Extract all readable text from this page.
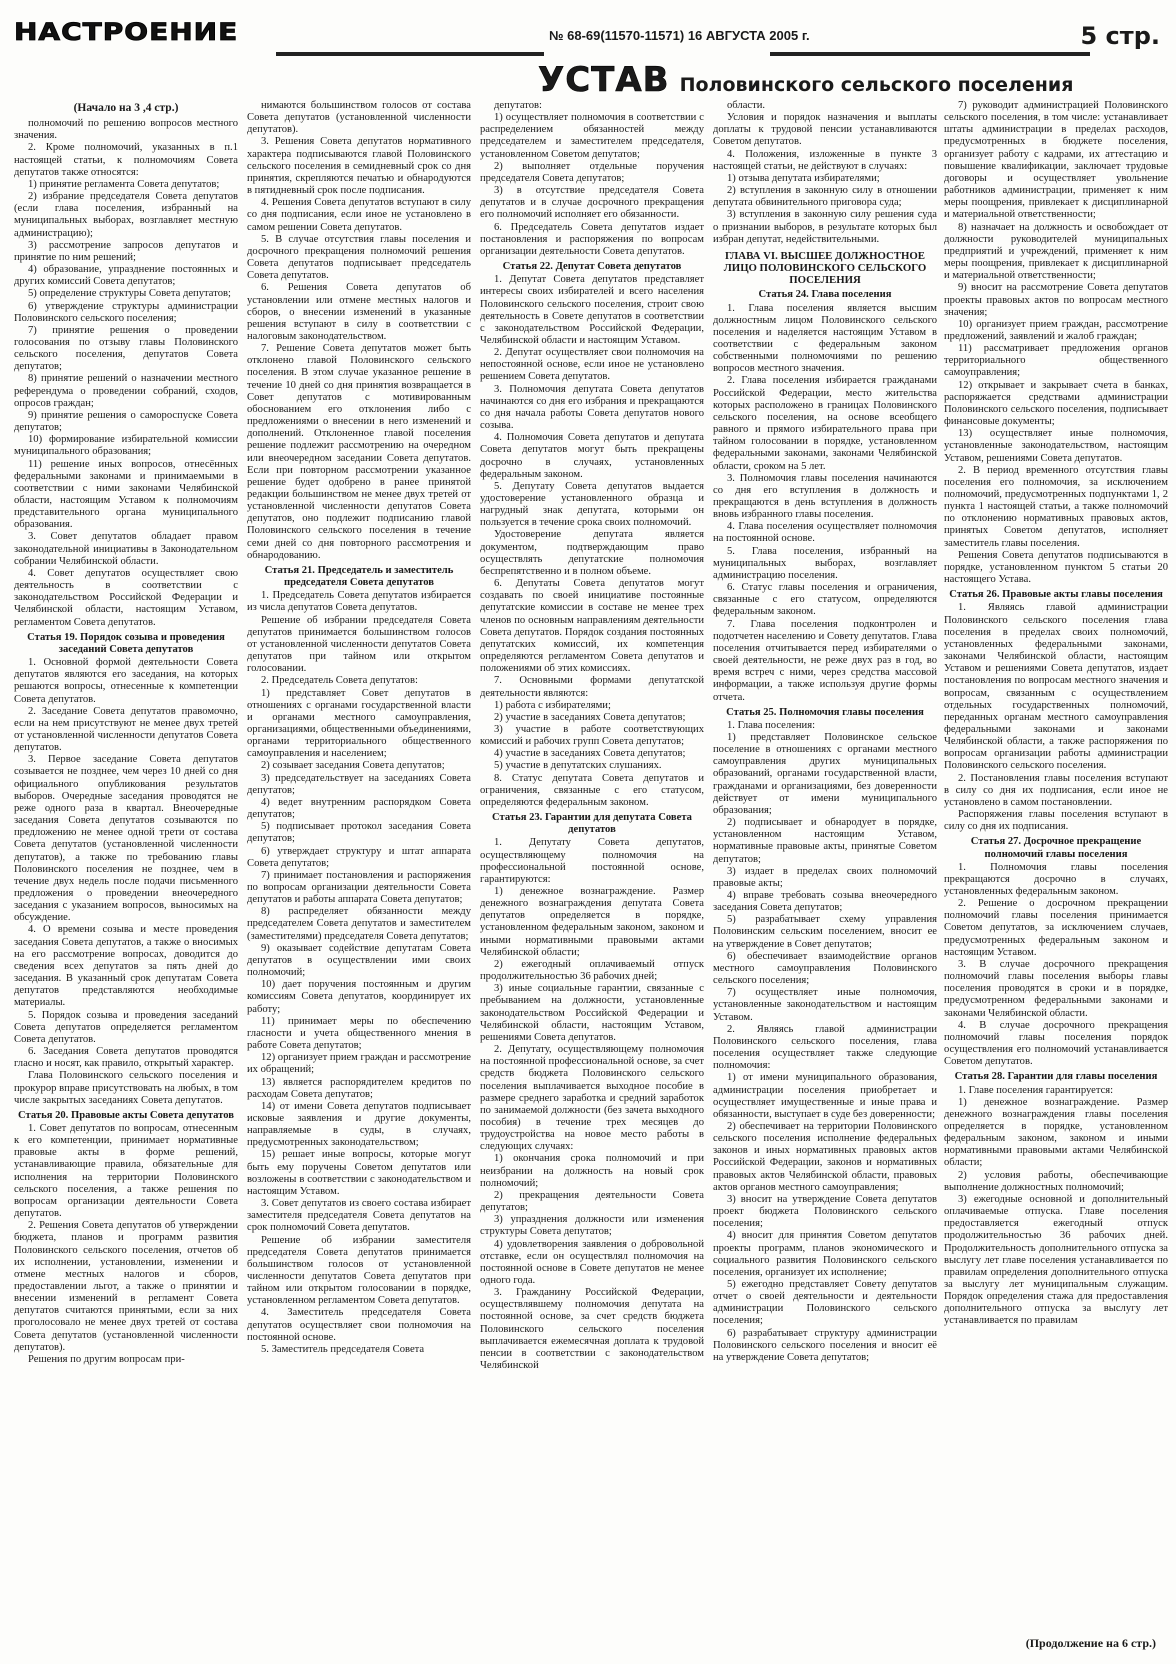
НАСТРОЕНИЕ	№ 68-69(11570-11571) 16 АВГУСТА 2005 г.	5 стр.
УСТАВ Половинского сельского поселения

(Начало на 3 ,4 стр.)

полномочий по решению вопросов местного значения.

2. Кроме полномочий, указанных в п.1 настоящей статьи, к полномочиям Совета депутатов также относятся:

1) принятие регламента Совета депутатов;

2) избрание председателя Совета депутатов (если глава поселения, избранный на муниципальных выборах, возглавляет местную администрацию);

3) рассмотрение запросов депутатов и принятие по ним решений;

4) образование, упразднение постоянных и других комиссий Совета депутатов;

5) определение структуры Совета депутатов;

6) утверждение структуры администрации Половинского сельского поселения;

7) принятие решения о проведении голосования по отзыву главы Половинского сельского поселения, депутатов Совета депутатов;

8) принятие решений о назначении местного референдума о проведении собраний, сходов, опросов граждан;

9) принятие решения о самороспуске Совета депутатов;

10) формирование избирательной комиссии муниципального образования;

11) решение иных вопросов, отнесённых федеральными законами и принимаемыми в соответствии с ними законами Челябинской области, настоящим Уставом к полномочиям представительного органа муниципального образования.

3. Совет депутатов обладает правом законодательной инициативы в Законодательном собрании Челябинской области.

4. Совет депутатов осуществляет свою деятельность в соответствии с законодательством Российской Федерации и Челябинской области, настоящим Уставом, регламентом Совета депутатов.

Статья 19. Порядок созыва и проведения заседаний Совета депутатов

1. Основной формой деятельности Совета депутатов являются его заседания, на которых решаются вопросы, отнесенные к компетенции Совета депутатов.

2. Заседание Совета депутатов правомочно, если на нем присутствуют не менее двух третей от установленной численности депутатов Совета депутатов.

3. Первое заседание Совета депутатов созывается не позднее, чем через 10 дней со дня официального опубликования результатов выборов. Очередные заседания проводятся не реже одного раза в квартал. Внеочередные заседания Совета депутатов созываются по предложению не менее одной трети от состава Совета депутатов (установленной численности депутатов), а также по требованию главы Половинского поселения не позднее, чем в течение двух недель после подачи письменного предложения о проведении внеочередного заседания с указанием вопросов, выносимых на обсуждение.

4. О времени созыва и месте проведения заседания Совета депутатов, а также о вносимых на его рассмотрение вопросах, доводится до сведения всех депутатов за пять дней до заседания. В указанный срок депутатам Совета депутатов представляются необходимые материалы.

5. Порядок созыва и проведения заседаний Совета депутатов определяется регламентом Совета депутатов.

6. Заседания Совета депутатов проводятся гласно и носят, как правило, открытый характер.

Глава Половинского сельского поселения и прокурор вправе присутствовать на любых, в том числе закрытых заседаниях Совета депутатов.

Статья 20. Правовые акты Совета депутатов

1. Совет депутатов по вопросам, отнесенным к его компетенции, принимает нормативные правовые акты в форме решений, устанавливающие правила, обязательные для исполнения на территории Половинского сельского поселения, а также решения по вопросам организации деятельности Совета депутатов.

2. Решения Совета депутатов об утверждении бюджета, планов и программ развития Половинского сельского поселения, отчетов об их исполнении, установлении, изменении и отмене местных налогов и сборов, предоставлении льгот, а также о принятии и внесении изменений в регламент Совета депутатов считаются принятыми, если за них проголосовало не менее двух третей от состава Совета депутатов (установленной численности депутатов).

Решения по другим вопросам при-

нимаются большинством голосов от состава Совета депутатов (установленной численности депутатов).

3. Решения Совета депутатов нормативного характера подписываются главой Половинского сельского поселения в семидневный срок со дня принятия, скрепляются печатью и обнародуются в пятидневный срок после подписания.

4. Решения Совета депутатов вступают в силу со дня подписания, если иное не установлено в самом решении Совета депутатов.

5. В случае отсутствия главы поселения и досрочного прекращения полномочий решения Совета депутатов подписывает председатель Совета депутатов.

6. Решения Совета депутатов об установлении или отмене местных налогов и сборов, о внесении изменений в указанные решения вступают в силу в соответствии с налоговым законодательством.

7. Решение Совета депутатов может быть отклонено главой Половинского сельского поселения. В этом случае указанное решение в течение 10 дней со дня принятия возвращается в Совет депутатов с мотивированным обоснованием его отклонения либо с предложениями о внесении в него изменений и дополнений. Отклоненное главой поселения решение подлежит рассмотрению на очередном или внеочередном заседании Совета депутатов. Если при повторном рассмотрении указанное решение будет одобрено в ранее принятой редакции большинством не менее двух третей от установленной численности депутатов Совета депутатов, оно подлежит подписанию главой Половинского сельского поселения в течение семи дней со дня повторного рассмотрения и обнародованию.

Статья 21. Председатель и заместитель председателя Совета депутатов

1. Председатель Совета депутатов избирается из числа депутатов Совета депутатов.

Решение об избрании председателя Совета депутатов принимается большинством голосов от установленной численности депутатов Совета депутатов при тайном или открытом голосовании.

2. Председатель Совета депутатов:

1) представляет Совет депутатов в отношениях с органами государственной власти и органами местного самоуправления, организациями, общественными объединениями, органами территориального общественного самоуправления и населением;

2) созывает заседания Совета депутатов;

3) председательствует на заседаниях Совета депутатов;

4) ведет внутренним распорядком Совета депутатов;

5) подписывает протокол заседания Совета депутатов;

6) утверждает структуру и штат аппарата Совета депутатов;

7) принимает постановления и распоряжения по вопросам организации деятельности Совета депутатов и работы аппарата Совета депутатов;

8) распределяет обязанности между председателем Совета депутатов и заместителем (заместителями) председателя Совета депутатов;

9) оказывает содействие депутатам Совета депутатов в осуществлении ими своих полномочий;

10) дает поручения постоянным и другим комиссиям Совета депутатов, координирует их работу;

11) принимает меры по обеспечению гласности и учета общественного мнения в работе Совета депутатов;

12) организует прием граждан и рассмотрение их обращений;

13) является распорядителем кредитов по расходам Совета депутатов;

14) от имени Совета депутатов подписывает исковые заявления и другие документы, направляемые в суды, в случаях, предусмотренных законодательством;

15) решает иные вопросы, которые могут быть ему поручены Советом депутатов или возложены в соответствии с законодательством и настоящим Уставом.

3. Совет депутатов из своего состава избирает заместителя председателя Совета депутатов на срок полномочий Совета депутатов.

Решение об избрании заместителя председателя Совета депутатов принимается большинством голосов от установленной численности депутатов Совета депутатов при тайном или открытом голосовании в порядке, установленном регламентом Совета депутатов.

4. Заместитель председателя Совета депутатов осуществляет свои полномочия на постоянной основе.

5. Заместитель председателя Совета

депутатов:

1) осуществляет полномочия в соответствии с распределением обязанностей между председателем и заместителем председателя, установленном Советом депутатов;

2) выполняет отдельные поручения председателя Совета депутатов;

3) в отсутствие председателя Совета депутатов и в случае досрочного прекращения его полномочий исполняет его обязанности.

6. Председатель Совета депутатов издает постановления и распоряжения по вопросам организации деятельности Совета депутатов.

Статья 22. Депутат Совета депутатов

1. Депутат Совета депутатов представляет интересы своих избирателей и всего населения Половинского сельского поселения, строит свою деятельность в Совете депутатов в соответствии с законодательством Российской Федерации, Челябинской области и настоящим Уставом.

2. Депутат осуществляет свои полномочия на непостоянной основе, если иное не установлено решением Совета депутатов.

3. Полномочия депутата Совета депутатов начинаются со дня его избрания и прекращаются со дня начала работы Совета депутатов нового созыва.

4. Полномочия Совета депутатов и депутата Совета депутатов могут быть прекращены досрочно в случаях, установленных федеральным законом.

5. Депутату Совета депутатов выдается удостоверение установленного образца и нагрудный знак депутата, которыми он пользуется в течение срока своих полномочий.

Удостоверение депутата является документом, подтверждающим право осуществлять депутатские полномочия беспрепятственно и в полном объеме.

6. Депутаты Совета депутатов могут создавать по своей инициативе постоянные депутатские комиссии в составе не менее трех членов по основным направлениям деятельности Совета депутатов. Порядок создания постоянных депутатских комиссий, их компетенция определяются регламентом Совета депутатов и положениями об этих комиссиях.

7. Основными формами депутатской деятельности являются:

1) работа с избирателями;

2) участие в заседаниях Совета депутатов;

3) участие в работе соответствующих комиссий и рабочих групп Совета депутатов;

4) участие в заседаниях Совета депутатов;

5) участие в депутатских слушаниях.

8. Статус депутата Совета депутатов и ограничения, связанные с его статусом, определяются федеральным законом.

Статья 23. Гарантии для депутата Совета депутатов

1. Депутату Совета депутатов, осуществляющему полномочия на профессиональной постоянной основе, гарантируются:

1) денежное вознаграждение. Размер денежного вознаграждения депутата Совета депутатов определяется в порядке, установленном федеральным законом, законом и иными нормативными правовыми актами Челябинской области;

2) ежегодный оплачиваемый отпуск продолжительностью 36 рабочих дней;

3) иные социальные гарантии, связанные с пребыванием на должности, установленные законодательством Российской Федерации и Челябинской области, настоящим Уставом, решениями Совета депутатов.

2. Депутату, осуществляющему полномочия на постоянной профессиональной основе, за счет средств бюджета Половинского сельского поселения выплачивается выходное пособие в размере среднего заработка и средний заработок по занимаемой должности (без зачета выходного пособия) в течение трех месяцев до трудоустройства на новое место работы в следующих случаях:

1) окончания срока полномочий и при неизбрании на должность на новый срок полномочий;

2) прекращения деятельности Совета депутатов;

3) упразднения должности или изменения структуры Совета депутатов;

4) удовлетворения заявления о добровольной отставке, если он осуществлял полномочия на постоянной основе в Совете депутатов не менее одного года.

3. Гражданину Российской Федерации, осуществлявшему полномочия депутата на постоянной основе, за счет средств бюджета Половинского сельского поселения выплачивается ежемесячная доплата к трудовой пенсии в соответствии с законодательством Челябинской

области.

Условия и порядок назначения и выплаты доплаты к трудовой пенсии устанавливаются Советом депутатов.

4. Положения, изложенные в пункте 3 настоящей статьи, не действуют в случаях:

1) отзыва депутата избирателями;

2) вступления в законную силу в отношении депутата обвинительного приговора суда;

3) вступления в законную силу решения суда о признании выборов, в результате которых был избран депутат, недействительными.

ГЛАВА VI. ВЫСШЕЕ ДОЛЖНОСТНОЕ ЛИЦО ПОЛОВИНСКОГО СЕЛЬСКОГО ПОСЕЛЕНИЯ
Статья 24. Глава поселения

1. Глава поселения является высшим должностным лицом Половинского сельского поселения и наделяется настоящим Уставом в соответствии с федеральным законом собственными полномочиями по решению вопросов местного значения.

2. Глава поселения избирается гражданами Российской Федерации, место жительства которых расположено в границах Половинского сельского поселения, на основе всеобщего равного и прямого избирательного права при тайном голосовании в порядке, установленном федеральными законами, законами Челябинской области, сроком на 5 лет.

3. Полномочия главы поселения начинаются со дня его вступления в должность и прекращаются в день вступления в должность вновь избранного главы поселения.

4. Глава поселения осуществляет полномочия на постоянной основе.

5. Глава поселения, избранный на муниципальных выборах, возглавляет администрацию поселения.

6. Статус главы поселения и ограничения, связанные с его статусом, определяются федеральным законом.

7. Глава поселения подконтролен и подотчетен населению и Совету депутатов. Глава поселения отчитывается перед избирателями о своей деятельности, не реже двух раз в год, во время встреч с ними, через средства массовой информации, а также используя другие формы отчета.

Статья 25. Полномочия главы поселения

1. Глава поселения:

1) представляет Половинское сельское поселение в отношениях с органами местного самоуправления других муниципальных образований, органами государственной власти, гражданами и организациями, без доверенности действует от имени муниципального образования;

2) подписывает и обнародует в порядке, установленном настоящим Уставом, нормативные правовые акты, принятые Советом депутатов;

3) издает в пределах своих полномочий правовые акты;

4) вправе требовать созыва внеочередного заседания Совета депутатов;

5) разрабатывает схему управления Половинским сельским поселением, вносит ее на утверждение в Совет депутатов;

6) обеспечивает взаимодействие органов местного самоуправления Половинского сельского поселения;

7) осуществляет иные полномочия, установленные законодательством и настоящим Уставом.

2. Являясь главой администрации Половинского сельского поселения, глава поселения осуществляет также следующие полномочия:

1) от имени муниципального образования, администрации поселения приобретает и осуществляет имущественные и иные права и обязанности, выступает в суде без доверенности;

2) обеспечивает на территории Половинского сельского поселения исполнение федеральных законов и иных нормативных правовых актов Российской Федерации, законов и нормативных правовых актов Челябинской области, правовых актов органов местного самоуправления;

3) вносит на утверждение Совета депутатов проект бюджета Половинского сельского поселения;

4) вносит для принятия Советом депутатов проекты программ, планов экономического и социального развития Половинского сельского поселения, организует их исполнение;

5) ежегодно представляет Совету депутатов отчет о своей деятельности и деятельности администрации Половинского сельского поселения;

6) разрабатывает структуру администрации Половинского сельского поселения и вносит её на утверждение Совета депутатов;

7) руководит администрацией Половинского сельского поселения, в том числе: устанавливает штаты администрации в пределах расходов, предусмотренных в бюджете поселения, организует работу с кадрами, их аттестацию и повышение квалификации, заключает трудовые договоры и осуществляет увольнение работников администрации, применяет к ним меры поощрения, привлекает к дисциплинарной и материальной ответственности;

8) назначает на должность и освобождает от должности руководителей муниципальных предприятий и учреждений, применяет к ним меры поощрения, привлекает к дисциплинарной и материальной ответственности;

9) вносит на рассмотрение Совета депутатов проекты правовых актов по вопросам местного значения;

10) организует прием граждан, рассмотрение предложений, заявлений и жалоб граждан;

11) рассматривает предложения органов территориального общественного самоуправления;

12) открывает и закрывает счета в банках, распоряжается средствами администрации Половинского сельского поселения, подписывает финансовые документы;

13) осуществляет иные полномочия, установленные законодательством, настоящим Уставом, решениями Совета депутатов.

2. В период временного отсутствия главы поселения его полномочия, за исключением полномочий, предусмотренных подпунктами 1, 2 пункта 1 настоящей статьи, а также полномочий по отклонению нормативных правовых актов, принятых Советом депутатов, исполняет заместитель главы поселения.

Решения Совета депутатов подписываются в порядке, установленном пунктом 5 статьи 20 настоящего Устава.

Статья 26. Правовые акты главы поселения

1. Являясь главой администрации Половинского сельского поселения глава поселения в пределах своих полномочий, установленных федеральными законами, законами Челябинской области, настоящим Уставом и решениями Совета депутатов, издает постановления по вопросам местного значения и вопросам, связанным с осуществлением отдельных государственных полномочий, переданных органам местного самоуправления федеральными законами и законами Челябинской области, а также распоряжения по вопросам организации работы администрации Половинского сельского поселения.

2. Постановления главы поселения вступают в силу со дня их подписания, если иное не установлено в самом постановлении.

Распоряжения главы поселения вступают в силу со дня их подписания.

Статья 27. Досрочное прекращение полномочий главы поселения

1. Полномочия главы поселения прекращаются досрочно в случаях, установленных федеральным законом.

2. Решение о досрочном прекращении полномочий главы поселения принимается Советом депутатов, за исключением случаев, предусмотренных федеральным законом и настоящим Уставом.

3. В случае досрочного прекращения полномочий главы поселения выборы главы поселения проводятся в сроки и в порядке, предусмотренном федеральными законами и законами Челябинской области.

4. В случае досрочного прекращения полномочий главы поселения порядок осуществления его полномочий устанавливается Советом депутатов.

Статья 28. Гарантии для главы поселения

1. Главе поселения гарантируется:

1) денежное вознаграждение. Размер денежного вознаграждения главы поселения определяется в порядке, установленном федеральным законом, законом и иными нормативными правовыми актами Челябинской области;

2) условия работы, обеспечивающие выполнение должностных полномочий;

3) ежегодные основной и дополнительный оплачиваемые отпуска. Главе поселения предоставляется ежегодный отпуск продолжительностью 36 рабочих дней. Продолжительность дополнительного отпуска за выслугу лет главе поселения устанавливается по правилам определения дополнительного отпуска за выслугу лет муниципальным служащим. Порядок определения стажа для предоставления дополнительного отпуска за выслугу лет устанавливается по правилам

(Продолжение на 6 стр.)
